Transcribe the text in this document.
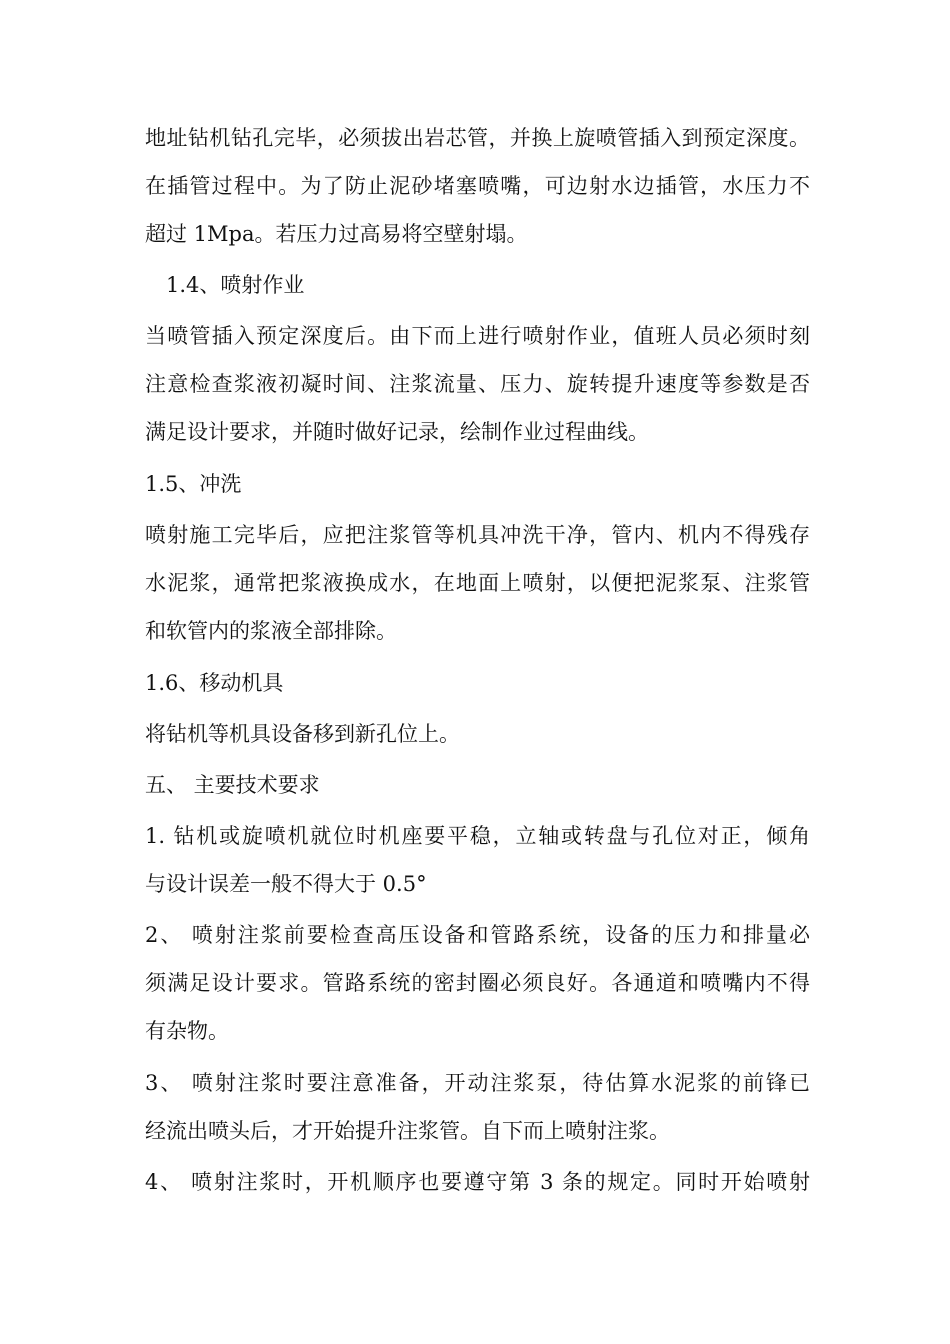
地址钻机钻孔完毕，必须拔出岩芯管，并换上旋喷管插入到预定深度。
在插管过程中。为了防止泥砂堵塞喷嘴，可边射水边插管，水压力不
超过 1Mpa。若压力过高易将空壁射塌。
1.4、喷射作业
当喷管插入预定深度后。由下而上进行喷射作业，值班人员必须时刻
注意检查浆液初凝时间、注浆流量、压力、旋转提升速度等参数是否
满足设计要求，并随时做好记录，绘制作业过程曲线。
1.5、冲洗
喷射施工完毕后，应把注浆管等机具冲洗干净，管内、机内不得残存
水泥浆，通常把浆液换成水，在地面上喷射，以便把泥浆泵、注浆管
和软管内的浆液全部排除。
1.6、移动机具
将钻机等机具设备移到新孔位上。
五、 主要技术要求
1. 钻机或旋喷机就位时机座要平稳，立轴或转盘与孔位对正，倾角
与设计误差一般不得大于 0.5°
2、 喷射注浆前要检查高压设备和管路系统，设备的压力和排量必
须满足设计要求。管路系统的密封圈必须良好。各通道和喷嘴内不得
有杂物。
3、 喷射注浆时要注意准备，开动注浆泵，待估算水泥浆的前锋已
经流出喷头后，才开始提升注浆管。自下而上喷射注浆。
4、 喷射注浆时，开机顺序也要遵守第 3 条的规定。同时开始喷射
